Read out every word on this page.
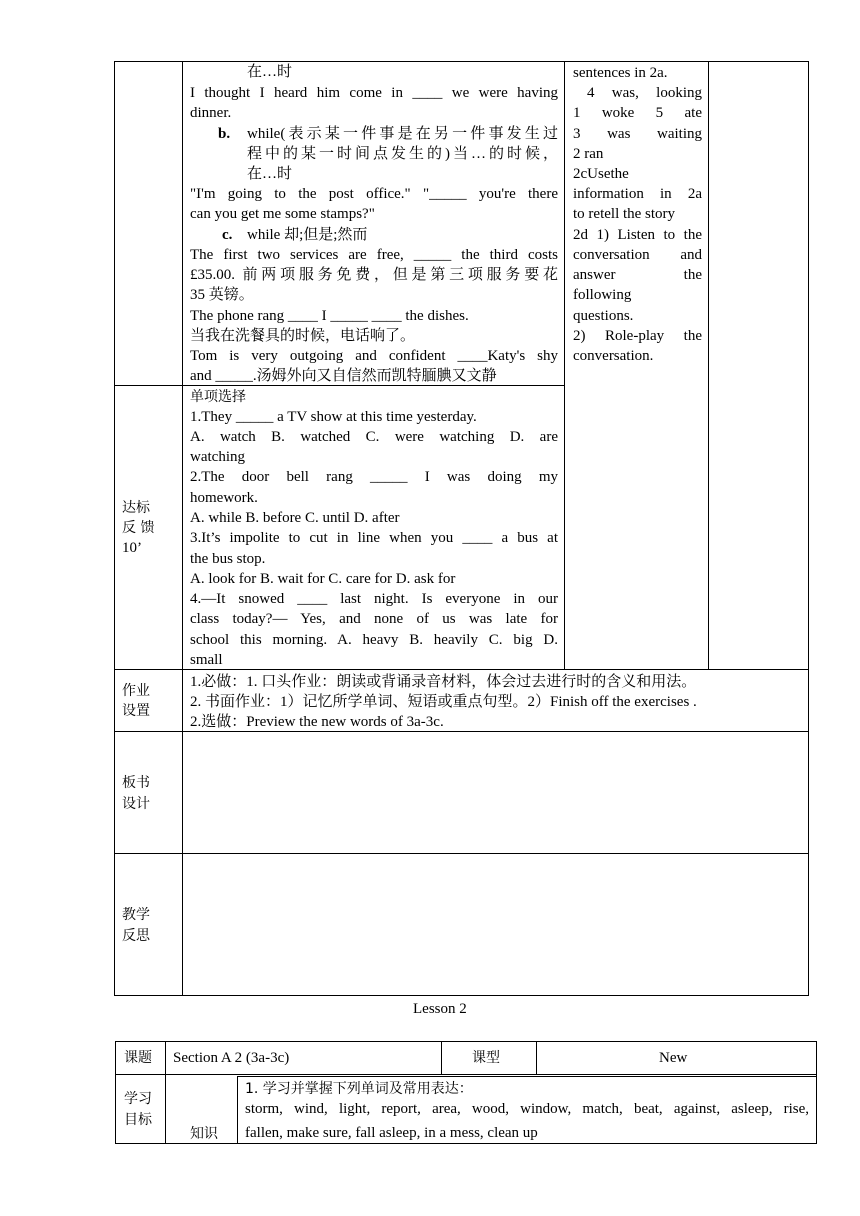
在…时
I thought I heard him come in ____ we were having
dinner.
b. while(表示某一件事是在另一件事发生过
程中的某一时间点发生的)当…的时候，
在…时
"I'm going to the post office." "_____ you're there
can you get me some stamps?"
c. while 却;但是;然而
The first two services are free, _____ the third costs
£35.00. 前两项服务免费，但是第三项服务要花
35 英镑。
The phone rang ____ I _____ ____ the dishes.
当我在洗餐具的时候，电话响了。
Tom is very outgoing and confident ____Katy's shy
and _____.汤姆外向又自信然而凯特腼腆又文静
sentences in 2a.
4 was, looking
1 woke 5 ate
3 was waiting
2 ran
2cUsethe
information in 2a
to retell the story
2d 1) Listen to the
conversation and
answer the
following
questions.
2) Role-play the
conversation.
达标
反 馈
10’
单项选择
1.They _____ a TV show at this time yesterday.
A. watch B. watched C. were watching D. are
watching
2.The door bell rang _____ I was doing my
homework.
A. while B. before C. until D. after
3.It’s impolite to cut in line when you ____ a bus at
the bus stop.
A. look for B. wait for C. care for D. ask for
4.—It snowed ____ last night. Is everyone in our
class today?— Yes, and none of us was late for
school this morning. A. heavy B. heavily C. big D.
small
作业
设置
1.必做：1. 口头作业：朗读或背诵录音材料，体会过去进行时的含义和用法。
2. 书面作业：1）记忆所学单词、短语或重点句型。2）Finish off the exercises .
2.选做：Preview the new words of 3a-3c.
板书
设计
教学
反思
Lesson 2
课题 Section A 2 (3a-3c)	课型	New
学习
目标
知识
1. 学习并掌握下列单词及常用表达：
storm, wind, light, report, area, wood, window, match, beat, against, asleep, rise,
fallen, make sure, fall asleep, in a mess, clean up
